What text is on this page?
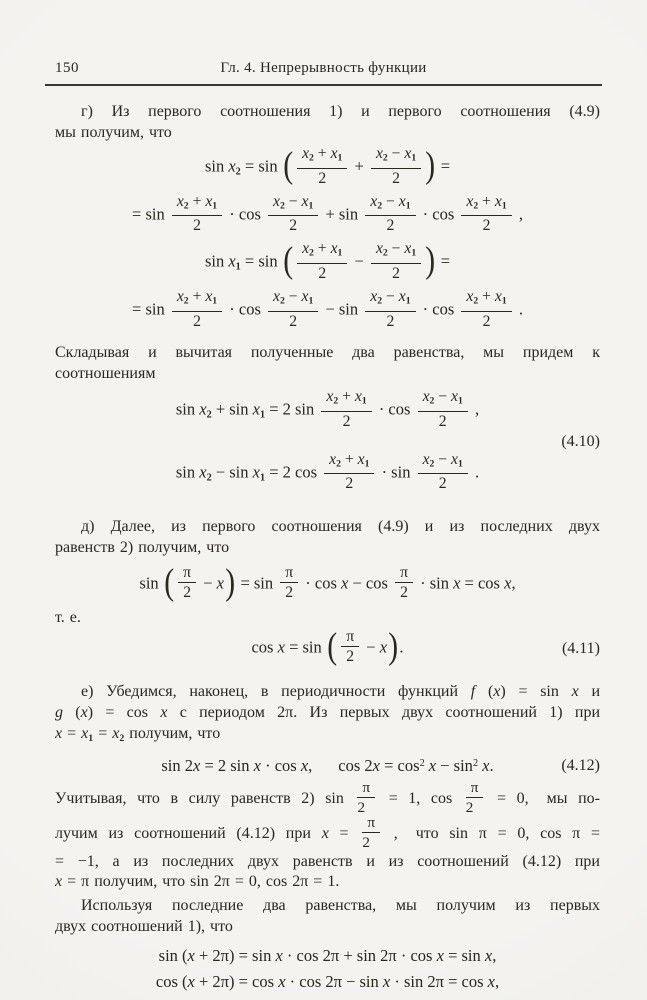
150	Гл. 4. Непрерывность функции
г) Из первого соотношения 1) и первого соотношения (4.9)
мы получим, что
sin x2 = sin ( $\frac{x2 + x1}{2} + \frac{x2 - x1}{2}$ ) =
= $\sin \frac{x2 + x1}{2} \cdot \cos \frac{x2 - x1}{2} + \sin \frac{x2 - x1}{2} \cdot \cos \frac{x2 + x1}{2}$ ,
sin x1 = sin ( $\frac{x2 + x1}{2} - \frac{x2 - x1}{2}$ ) =
= $\sin \frac{x2 + x1}{2} \cdot \cos \frac{x2 - x1}{2} - \sin \frac{x2 - x1}{2} \cdot \cos \frac{x2 + x1}{2}$ .
Складывая и вычитая полученные два равенства, мы придем к
соотношениям
sin x2 + sin x1 = 2 $\sin \frac{x2 + x1}{2} \cdot \cos \frac{x2 - x1}{2}$ ,
sin x2 − sin x1 = 2 $\cos \frac{x2 + x1}{2} \cdot \sin \frac{x2 - x1}{2}$ .
(4.10)
д) Далее, из первого соотношения (4.9) и из последних двух
равенств 2) получим, что
sin ( $\frac{\pi}{2} - x) = \sin \frac{\pi}{2} \cdot \cos x - \cos \frac{\pi}{2} \cdot \sin x = \cos x$,
т. е.
cos x = sin ( $\frac{\pi}{2} - x$).	(4.11)
е) Убедимся, наконец, в периодичности функций f (x) = sin x и
g (x) = cos x с периодом 2π. Из первых двух соотношений 1) при
x = x1 = x2 получим, что
sin 2x = 2 sin x · cos x, $\cos 2x = \cos^2 x - \sin^2 x$.	(4.12)
Учитывая, что в силу равенств 2) $\sin \frac{\pi}{2} = 1$, $\cos \frac{\pi}{2} = 0$, мы по-
лучим из соотношений (4.12) при $x = \frac{\pi}{2}$ , что sin π = 0, cos π =
= −1, а из последних двух равенств и из соотношений (4.12) при
x = π получим, что sin 2π = 0, cos 2π = 1.
Используя последние два равенства, мы получим из первых
двух соотношений 1), что
sin (x + 2π) = sin x · cos 2π + sin 2π · cos x = sin x,
cos (x + 2π) = cos x · cos 2π − sin x · sin 2π = cos x,
